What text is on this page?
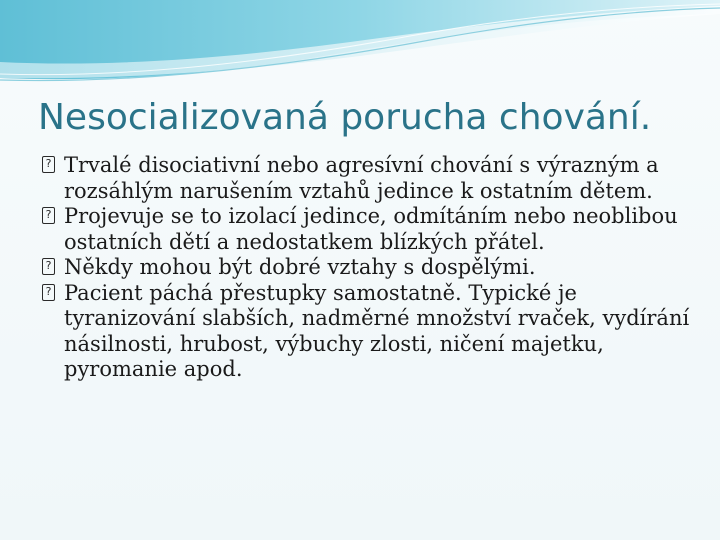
Nesocializovaná porucha chování.
? Trvalé disociativní nebo agresívní chování s výrazným a rozsáhlým narušením vztahů jedince k ostatním dětem.
? Projevuje se to izolací jedince, odmítáním nebo neoblibou ostatních dětí a nedostatkem blízkých přátel.
? Někdy mohou být dobré vztahy s dospělými.
? Pacient páchá přestupky samostatně. Typické je tyranizování slabších, nadměrné množství rvaček, vydírání násilnosti, hrubost, výbuchy zlosti, ničení majetku, pyromanie apod.
